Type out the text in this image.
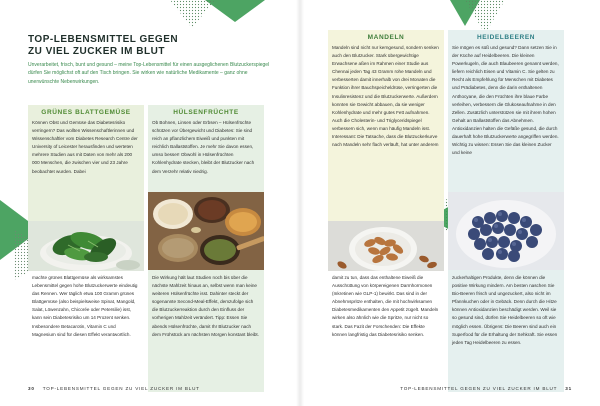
TOP-LEBENSMITTEL GEGEN
ZU VIEL ZUCKER IM BLUT

Unverarbeitet, frisch, bunt und gesund – meine Top-Lebensmittel für einen ausgeglichenen Blutzuckerspiegel dürfen Sie möglichst oft auf den Tisch bringen. Sie wirken wie natürliche Medikamente – ganz ohne unerwünschte Nebenwirkungen.

GRÜNES BLATTGEMÜSE

Können Obst und Gemüse das Diabetesrisiko verringern? Das wollten Wissenschaftlerinnen und Wissenschaftler vom Diabetes Research Centre der University of Leicester herausfinden und werteten mehrere Studien aus mit Daten von mehr als 200 000 Menschen, die zwischen vier und 23 Jahre beobachtet wurden. Dabei

machte grünes Blattgemüse als wirksamstes Lebensmittel gegen hohe Blutzuckerwerte eindeutig das Rennen. Wer täglich etwa 100 Gramm grünes Blattgemüse (also beispielsweise Spinat, Mangold, Salat, Löwenzahn, Chicorée oder Petersilie) isst, kann sein Diabetesrisiko um 14 Prozent senken. Insbesondere Betacarotin, Vitamin C und Magnesium sind für diesen Effekt verantwortlich.

HÜLSENFRÜCHTE

Ob Bohnen, Linsen oder Erbsen – Hülsenfrüchte schützen vor Übergewicht und Diabetes: Sie sind reich an pflanzlichem Eiweiß und punkten mit reichlich Ballaststoffen. Je mehr Sie davon essen, umso besser! Obwohl in Hülsenfrüchten Kohlenhydrate stecken, bleibt der Blutzucker nach dem Verzehr relativ niedrig.

Die Wirkung hält laut Studien noch bis über die nächste Mahlzeit hinaus an, selbst wenn man keine weiteren Hülsenfrüchte isst. Dahinter steckt der sogenannte Second-Meal-Effekt, demzufolge sich die Blutzuckerreaktion durch den Einfluss der vorherigen Mahlzeit verändert. Tipp: Essen Sie abends Hülsenfrüchte, damit Ihr Blutzucker nach dem Frühstück am nächsten Morgen konstant bleibt.

30 TOP-LEBENSMITTEL GEGEN ZU VIEL ZUCKER IM BLUT
MANDELN

Mandeln sind nicht nur kerngesund, sondern senken auch den Blutzucker. Stark übergewichtige Erwachsene aßen im Rahmen einer Studie aus Chennai jeden Tag 43 Gramm rohe Mandeln und verbesserten damit innerhalb von drei Monaten die Funktion ihrer Bauchspeicheldrüse, verringerten die Insulinresistenz und die Blutzuckerwerte. Außerdem konnten sie Gewicht abbauen, da sie weniger Kohlenhydrate und mehr gutes Fett aufnahmen. Auch die Cholesterin- und Triglyceridspiegel verbessern sich, wenn man häufig Mandeln isst. Interessant: Die Tatsache, dass die Blutzuckerkurve nach Mandeln sehr flach verläuft, hat unter anderem

damit zu tun, dass das enthaltene Eiweiß die Ausschüttung von körpereigenen Darmhormonen (Inkretinen wie GLP-1) bewirkt. Das sind in der Abnehmspritze enthalten, die mit hochwirksamen Diabetesmedikamenten den Appetit zügelt. Mandeln wirken also ähnlich wie die Spritze, nur nicht so stark. Das Fazit der Forschenden: Die Effekte können langfristig das Diabetesrisiko senken.

HEIDELBEEREN

Sie mögen es süß und gesund? Dann setzen Sie in der Küche auf Heidelbeeren. Die kleinen Powerkugeln, die auch Blaubeeren genannt werden, liefern reichlich Eisen und Vitamin C. Sie gelten zu Recht als Empfehlung für Menschen mit Diabetes und Prädiabetes, denn die darin enthaltenen Anthocyane, die den Früchten ihre blaue Farbe verleihen, verbessern die Glukoseaufnahme in den Zellen. Zusätzlich unterstützen sie mit ihrem hohen Gehalt an Ballaststoffen das Abnehmen. Antioxidanzien halten die Gefäße gesund, die durch dauerhaft hohe Blutzuckerwerte angegriffen werden. Wichtig zu wissen: Essen Sie das kleinen Zucker und keine

zuckerhaltigen Produkte, denn die können die positive Wirkung mindern. Am besten naschen Sie Bio-Beeren frisch und ungezuckert, also nicht im Pfannkuchen oder in Gebäck. Denn durch die Hitze können Antioxidanzien beschädigt werden. Weil sie so gesund sind, dürfen Sie Heidelbeeren so oft wie möglich essen. Übrigens: Die Beeren sind auch ein Superfood für die Erhaltung der Sehkraft. Sie essen jeden Tag Heidelbeeren zu essen.

TOP-LEBENSMITTEL GEGEN ZU VIEL ZUCKER IM BLUT 31
